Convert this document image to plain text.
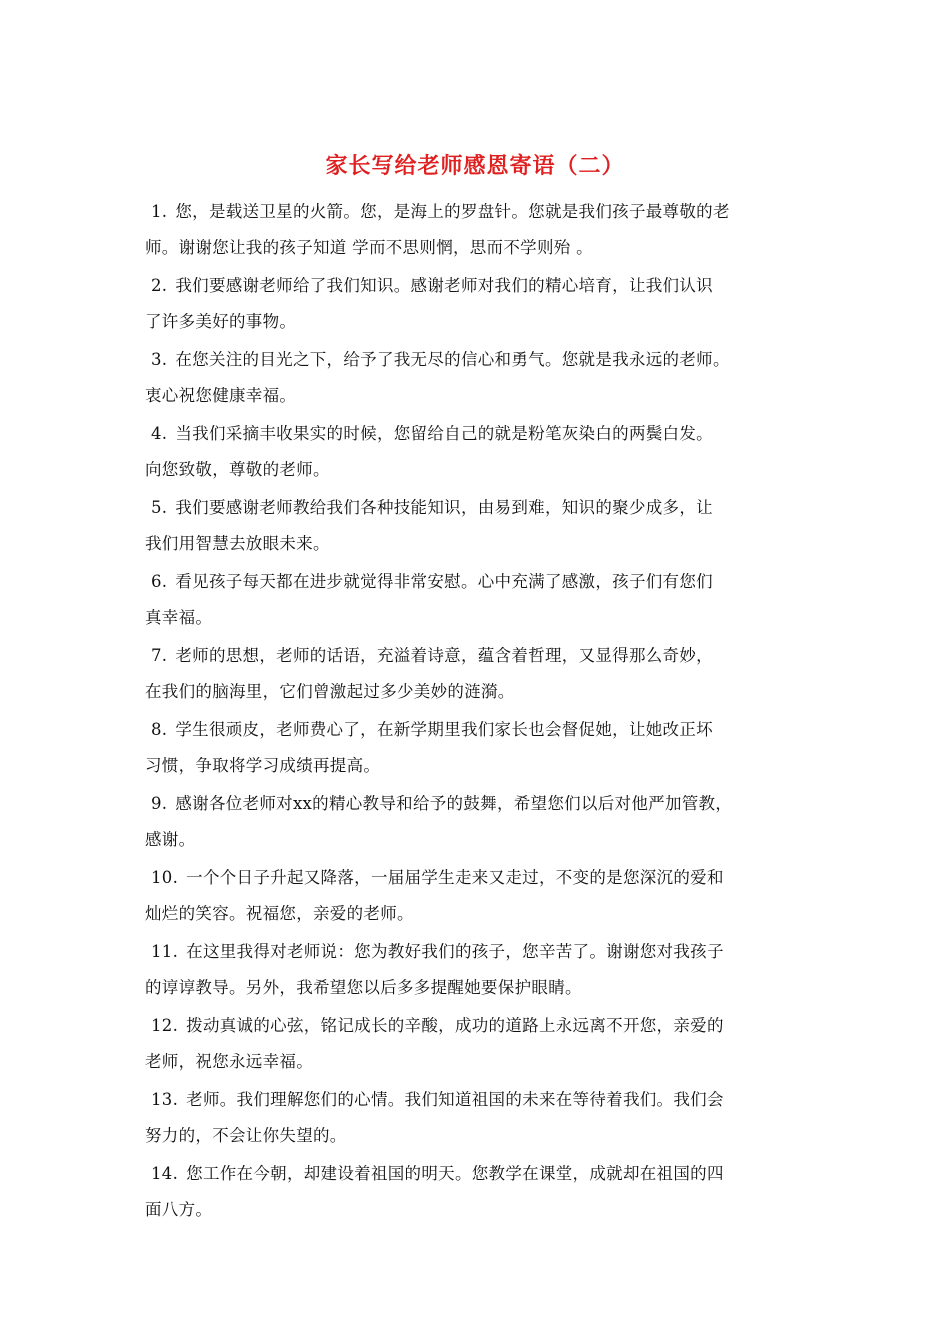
家长写给老师感恩寄语（二）
1. 您，是载送卫星的火箭。您，是海上的罗盘针。您就是我们孩子最尊敬的老
师。谢谢您让我的孩子知道 学而不思则惘，思而不学则殆 。
2. 我们要感谢老师给了我们知识。感谢老师对我们的精心培育，让我们认识
了许多美好的事物。
3. 在您关注的目光之下，给予了我无尽的信心和勇气。您就是我永远的老师。
衷心祝您健康幸福。
4. 当我们采摘丰收果实的时候，您留给自己的就是粉笔灰染白的两鬓白发。
向您致敬，尊敬的老师。
5. 我们要感谢老师教给我们各种技能知识，由易到难，知识的聚少成多，让
我们用智慧去放眼未来。
6. 看见孩子每天都在进步就觉得非常安慰。心中充满了感激，孩子们有您们
真幸福。
7. 老师的思想，老师的话语，充溢着诗意，蕴含着哲理，又显得那么奇妙，
在我们的脑海里，它们曾激起过多少美妙的涟漪。
8. 学生很顽皮，老师费心了，在新学期里我们家长也会督促她，让她改正坏
习惯，争取将学习成绩再提高。
9. 感谢各位老师对xx的精心教导和给予的鼓舞，希望您们以后对他严加管教，
感谢。
10. 一个个日子升起又降落，一届届学生走来又走过，不变的是您深沉的爱和
灿烂的笑容。祝福您，亲爱的老师。
11. 在这里我得对老师说：您为教好我们的孩子，您辛苦了。谢谢您对我孩子
的谆谆教导。另外，我希望您以后多多提醒她要保护眼睛。
12. 拨动真诚的心弦，铭记成长的辛酸，成功的道路上永远离不开您，亲爱的
老师，祝您永远幸福。
13. 老师。我们理解您们的心情。我们知道祖国的未来在等待着我们。我们会
努力的，不会让你失望的。
14. 您工作在今朝，却建设着祖国的明天。您教学在课堂，成就却在祖国的四
面八方。
